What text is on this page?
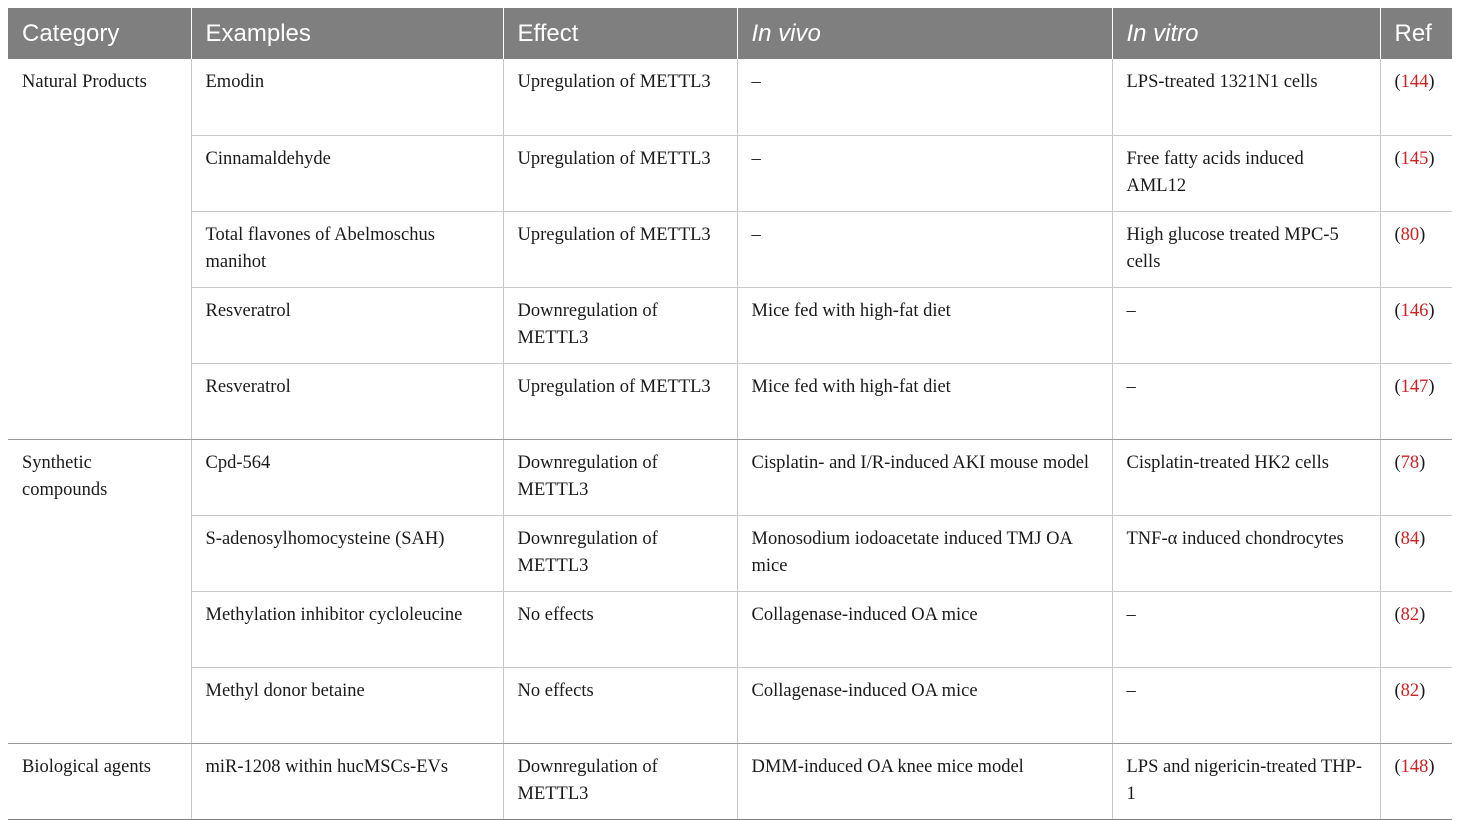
Category	Examples	Effect	In vivo	In vitro	Ref
Natural Products	Emodin	Upregulation of METTL3	–	LPS-treated 1321N1 cells	(144)
	Cinnamaldehyde	Upregulation of METTL3	–	Free fatty acids induced AML12	(145)
	Total flavones of Abelmoschus manihot	Upregulation of METTL3	–	High glucose treated MPC-5 cells	(80)
	Resveratrol	Downregulation of METTL3	Mice fed with high-fat diet	–	(146)
	Resveratrol	Upregulation of METTL3	Mice fed with high-fat diet	–	(147)
Synthetic compounds	Cpd-564	Downregulation of METTL3	Cisplatin- and I/R-induced AKI mouse model	Cisplatin-treated HK2 cells	(78)
	S-adenosylhomocysteine (SAH)	Downregulation of METTL3	Monosodium iodoacetate induced TMJ OA mice	TNF-α induced chondrocytes	(84)
	Methylation inhibitor cycloleucine	No effects	Collagenase-induced OA mice	–	(82)
	Methyl donor betaine	No effects	Collagenase-induced OA mice	–	(82)
Biological agents	miR-1208 within hucMSCs-EVs	Downregulation of METTL3	DMM-induced OA knee mice model	LPS and nigericin-treated THP-1	(148)
